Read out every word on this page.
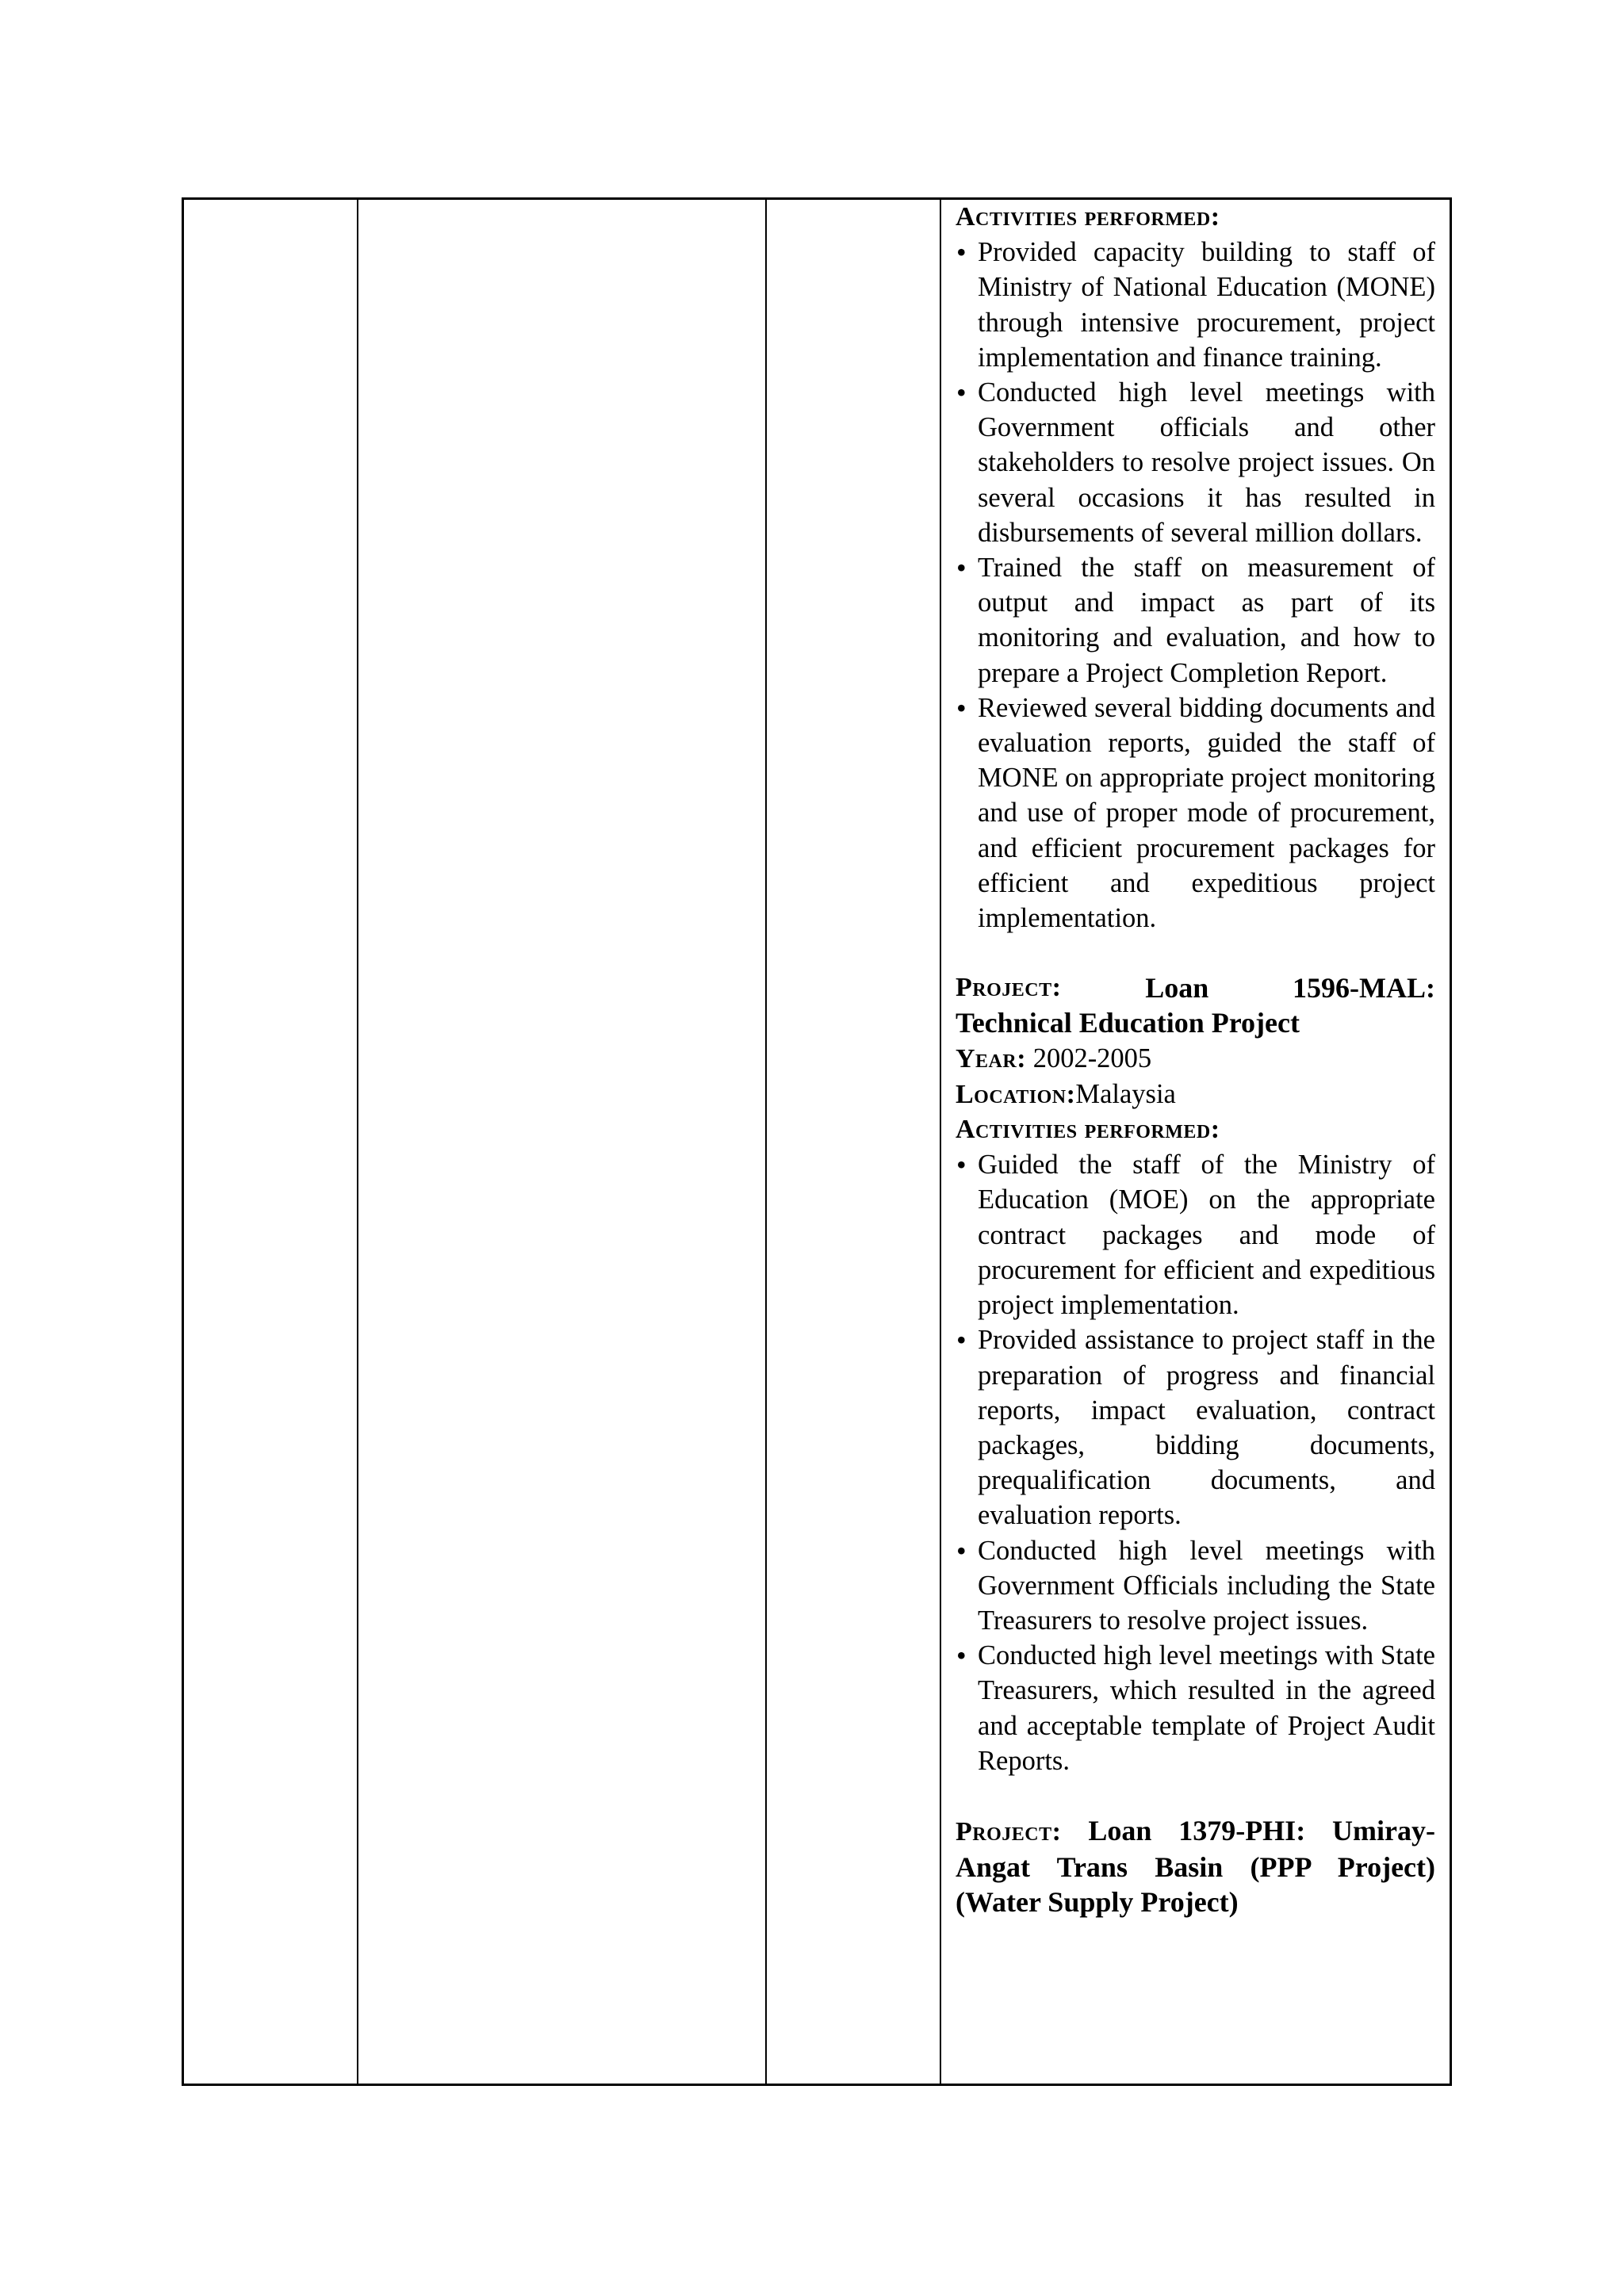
Activities performed:
• Provided capacity building to staff of Ministry of National Education (MONE) through intensive procurement, project implementation and finance training.
• Conducted high level meetings with Government officials and other stakeholders to resolve project issues. On several occasions it has resulted in disbursements of several million dollars.
• Trained the staff on measurement of output and impact as part of its monitoring and evaluation, and how to prepare a Project Completion Report.
• Reviewed several bidding documents and evaluation reports, guided the staff of MONE on appropriate project monitoring and use of proper mode of procurement, and efficient procurement packages for efficient and expeditious project implementation.
Project:	Loan	1596-MAL:
Technical Education Project
Year: 2002-2005
Location:Malaysia
Activities performed:
• Guided the staff of the Ministry of Education (MOE) on the appropriate contract packages and mode of procurement for efficient and expeditious project implementation.
• Provided assistance to project staff in the preparation of progress and financial reports, impact evaluation, contract packages, bidding documents, prequalification documents, and evaluation reports.
• Conducted high level meetings with Government Officials including the State Treasurers to resolve project issues.
• Conducted high level meetings with State Treasurers, which resulted in the agreed and acceptable template of Project Audit Reports.
Project: Loan 1379-PHI: Umiray-Angat Trans Basin (PPP Project) (Water Supply Project)
